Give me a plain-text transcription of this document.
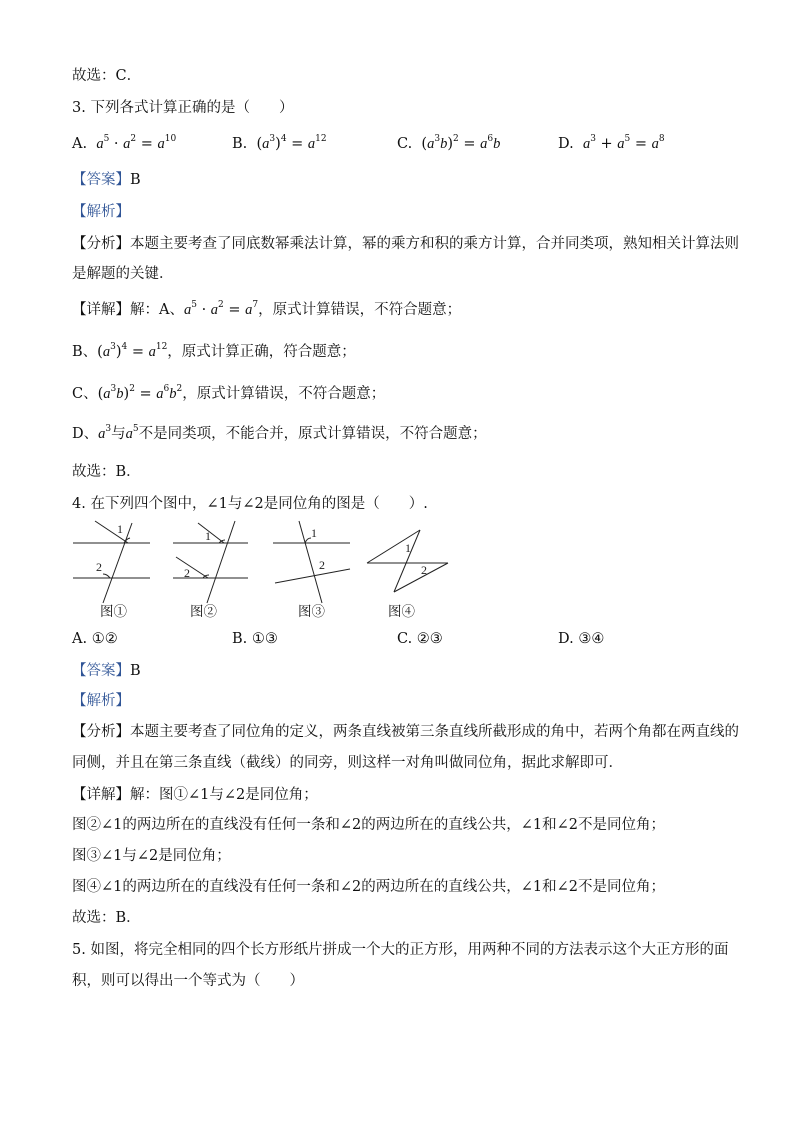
故选：C．
3. 下列各式计算正确的是（　　）
A. $a^5 \cdot a^2 = a^{10}$	B.  $(a^3)^4 = a^{12}$	C.  $(a^3b)^2 = a^6b$	D. $a^3 + a^5 = a^8$
【答案】B
【解析】
【分析】本题主要考查了同底数幂乘法计算，幂的乘方和积的乘方计算，合并同类项，熟知相关计算法则
是解题的关键．
【详解】解：A、$a^5 \cdot a^2 = a^7$，原式计算错误，不符合题意；
B、$(a^3)^4 = a^{12}$，原式计算正确，符合题意；
C、$(a^3b)^2 = a^6b^2$，原式计算错误，不符合题意；
D、$a^3$与$a^5$不是同类项，不能合并，原式计算错误，不符合题意；
故选：B．
4. 在下列四个图中，∠1与∠2是同位角的图是（　　）.
1
2
1
2
1
2
1
2
图①	图②	图③	图④
A. ①②	B. ①③	C. ②③	D. ③④
【答案】B
【解析】
【分析】本题主要考查了同位角的定义，两条直线被第三条直线所截形成的角中，若两个角都在两直线的
同侧，并且在第三条直线（截线）的同旁，则这样一对角叫做同位角，据此求解即可．
【详解】解：图①∠1与∠2是同位角；
图②∠1的两边所在的直线没有任何一条和∠2的两边所在的直线公共，∠1和∠2不是同位角；
图③∠1与∠2是同位角；
图④∠1的两边所在的直线没有任何一条和∠2的两边所在的直线公共，∠1和∠2不是同位角；
故选：B．
5. 如图，将完全相同的四个长方形纸片拼成一个大的正方形，用两种不同的方法表示这个大正方形的面
积，则可以得出一个等式为（　　）
